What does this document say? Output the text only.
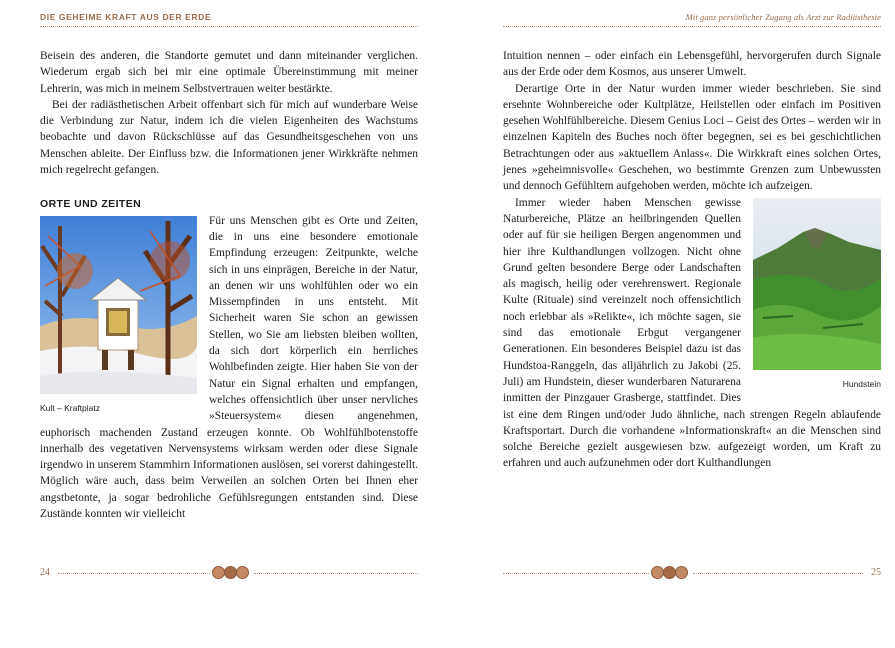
DIE GEHEIME KRAFT AUS DER ERDE

Beisein des anderen, die Standorte gemutet und dann miteinander verglichen. Wiederum ergab sich bei mir eine optimale Übereinstimmung mit meiner Lehrerin, was mich in meinem Selbstvertrauen weiter bestärkte.

Bei der radiästhetischen Arbeit offenbart sich für mich auf wunderbare Weise die Verbindung zur Natur, indem ich die vielen Eigenheiten des Wachstums beobachte und davon Rückschlüsse auf das Gesundheitsgeschehen von uns Menschen ableite. Der Einfluss bzw. die Informationen jener Wirkkräfte nehmen mich regelrecht gefangen.

ORTE UND ZEITEN

Kult – Kraftplatz
Für uns Menschen gibt es Orte und Zeiten, die in uns eine besondere emotionale Empfindung erzeugen: Zeitpunkte, welche sich in uns einprägen, Bereiche in der Natur, an denen wir uns wohlfühlen oder wo ein Missempfinden in uns entsteht. Mit Sicherheit waren Sie schon an gewissen Stellen, wo Sie am liebsten bleiben wollten, da sich dort körperlich ein herrliches Wohlbefinden zeigte. Hier haben Sie von der Natur ein Signal erhalten und empfangen, welches offensichtlich über unser nervliches »Steuersystem« diesen angenehmen, euphorisch machenden Zustand erzeugen konnte. Ob Wohlfühlbotenstoffe innerhalb des vegetativen Nervensystems wirksam werden oder diese Signale irgendwo in unserem Stammhirn Informationen auslösen, sei vorerst dahingestellt. Möglich wäre auch, dass beim Verweilen an solchen Orten bei Ihnen eher angstbetonte, ja sogar bedrohliche Gefühlsregungen entstanden sind. Diese Zustände konnten wir vielleicht

24
Mit ganz persönlicher Zugang als Arzt zur Radiästhesie

Intuition nennen – oder einfach ein Lebensgefühl, hervorgerufen durch Signale aus der Erde oder dem Kosmos, aus unserer Umwelt.

Derartige Orte in der Natur wurden immer wieder beschrieben. Sie sind ersehnte Wohnbereiche oder Kultplätze, Heilstellen oder einfach im Positiven gesehen Wohlfühlbereiche. Diesem Genius Loci – Geist des Ortes – werden wir in einzelnen Kapiteln des Buches noch öfter begegnen, sei es bei geschichtlichen Betrachtungen oder aus »aktuellem Anlass«. Die Wirkkraft eines solchen Ortes, jenes »geheimnisvolle« Geschehen, wo bestimmte Grenzen zum Unbewussten und dennoch Gefühltem aufgehoben werden, möchte ich aufzeigen.

Hundstein
Immer wieder haben Menschen gewisse Naturbereiche, Plätze an heilbringenden Quellen oder auf für sie heiligen Bergen angenommen und hier ihre Kulthandlungen vollzogen. Nicht ohne Grund gelten besondere Berge oder Landschaften als magisch, heilig oder verehrenswert. Regionale Kulte (Rituale) sind vereinzelt noch offensichtlich noch erlebbar als »Relikte«, ich möchte sagen, sie sind das emotionale Erbgut vergangener Generationen. Ein besonderes Beispiel dazu ist das Hundstoa-Ranggeln, das alljährlich zu Jakobi (25. Juli) am Hundstein, dieser wunderbaren Naturarena inmitten der Pinzgauer Grasberge, stattfindet. Dies ist eine dem Ringen und/oder Judo ähnliche, nach strengen Regeln ablaufende Kraftsportart. Durch die vorhandene »Informationskraft« an die Menschen sind solche Bereiche gezielt ausgewiesen bzw. aufgezeigt worden, um Kraft zu erfahren und auch aufzunehmen oder dort Kulthandlungen

25
